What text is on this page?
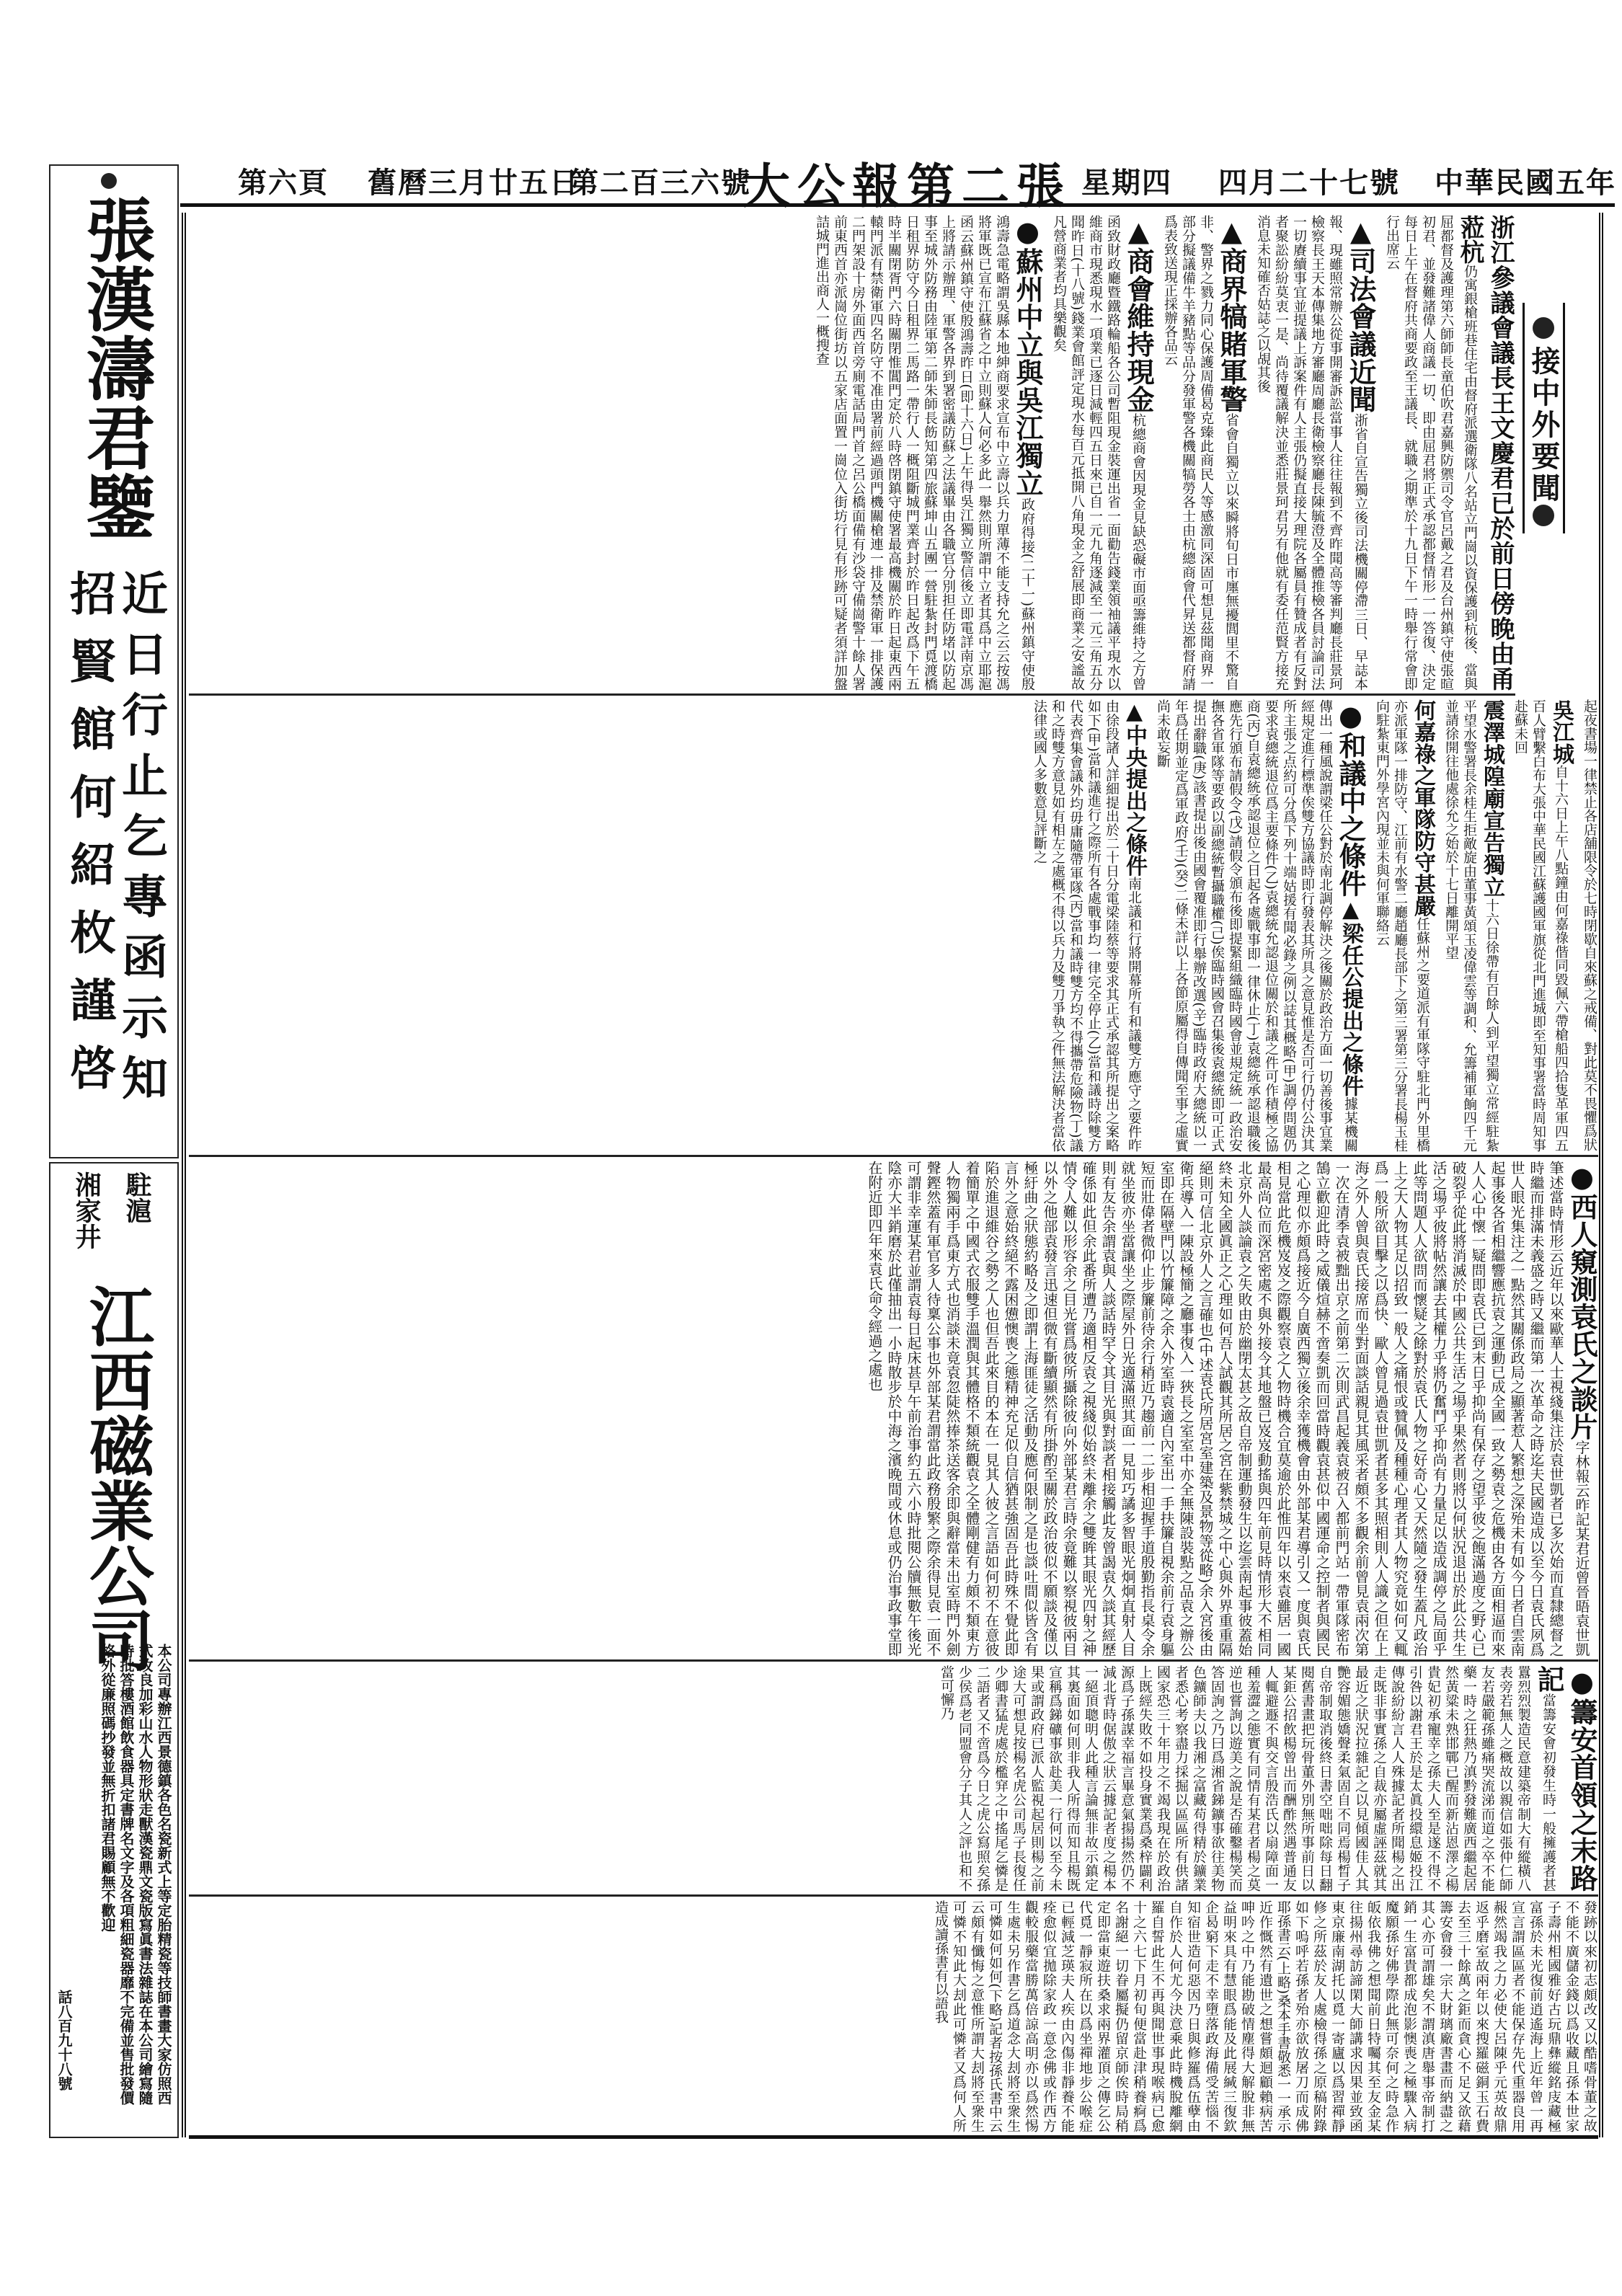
中華民國五年
四月二十七號
星期四
大公報第二張
第二百三六號
舊曆三月廿五日
第六頁
張漢濤君鑒
近日行止乞專函示知
招賢館何紹枚謹啓
駐滬
湘家井
江西磁業公司
本公司專辦江西景德鎮各色名瓷新式上等定胎精瓷等技師書畫大家仿照西式改良加彩山水人物形狀走獸漢瓷鼎文瓷版寫眞書法雜誌在本公司繪寫隨時批答樓酒館飲食器具定書牌名文字及各項粗細瓷器靡不完備並售批發價格外從廉照碼抄發並無折扣諸君賜顧無不歡迎
話八百九十八號
接中外要聞
浙江參議會議長王文慶君已於前日傍晚由甬蒞杭仍寓銀槍班巷住宅由督府派選衛隊八名站立門崗以資保護到杭後、當與屈都督及護理第六師師長童伯吹君嘉興防禦司令官呂戴之君及台州鎮守使張暄初君、並發難諸偉人商議一切、即由屈君將正式承認都督情形一一答復、決定每日上午在督府共商要政至王議長、就職之期準於十九日下午一時舉行常會即行出席云
▲司法會議近聞浙省自宣告獨立後司法機關停滯三日、早誌本報、現雖照常辦公從事開審訴訟當事人往往報到不齊昨聞高等審判廳長莊景珂檢察長王天本傳集地方審廳周廳長衛檢察廳長陳毓澄及全體推檢各員討論司法一切賡續事宜並提議上訴案件有人主張仍擬直接大理院各屬員有贊成者有反對者聚訟紛紛莫衷一是、尚待覆議解決並悉莊景珂君另有他就有委任范賢方接充消息未知確否姑誌之以覘其後
▲商界犒賭軍警省會自獨立以來瞬將旬日市廛無擾閭里不驚自非、警界之戮力同心保護周備曷克臻此商民人等感激同深固可想見茲聞商界一部分擬議備牛羊豬點等品分發軍警各機關犒勞各士由杭總商會代昇送都督府請爲表致送現正採辦各品云
▲商會維持現金杭總商會因現金見缺恐礙市面亟籌維持之方曾函致財政廳暨鐵路輪船各公司暫阻現金裝運出省一面勸告錢業領袖議平現水以維商市現悉現水一項業已逐日減輕四五日來已自一元九角逐減至一元三角五分聞昨日(十八號)錢業會館評定現水每百元抵開八角現金之舒展即商業之安謐故凡營商業者均具樂觀矣
●蘇州中立與吳江獨立政府得接(二十一)蘇州鎮守使殷鴻壽急電略謂吳縣本地紳商要求宣布中立壽以兵力單薄不能支持允之云云按馮將軍既已宣布江蘇省之中立則蘇人何必多此一舉然則所謂中立者其爲中立耶滬函云蘇州鎮守使殷鴻壽昨日(即十六日)上午得吳江獨立警信後立即電詳南京馮上將請示辦理、軍警各界到署密議防蘇之法議畢由各職官分別担任防堵以防起事至城外防務由陸軍第二師朱師長飭知第四旅蘇坤山五團一營駐紮封門覓渡橋日租界防守今日租界二馬路一帶行人一概阻斷城門業齊封於昨日起改爲下午五時半關閉胥門六時關閉惟閶門定於八時啓閉鎮守使署最高機關於昨日起東西兩轅門派有禁衛軍四名防守不准由署前經過頭門機關槍連一排及禁衛軍一排保護二門架設十房外面西首旁廁電話局門首之呂公橋面備有沙袋守備崗警十餘人署前東西首亦派崗位街坊以五家店面置一崗位入街坊行見有形跡可疑者須詳加盤詰城門進出商人一概搜查
起夜書場一律禁止各店舖限令於七時閉歇自來蘇之戒備、對此莫不畏懼爲狀
吳江城自十六日上午八點鐘由何嘉祿偕同毀佩六帶槍船四拾隻革軍四五百人臂繫白布大張中華民國江蘇護國軍旗從北門進城即至知事署當時周知事赴蘇未回
震澤城隍廟宣告獨立十六日徐帶有百餘人到平望獨立常經駐紮平望水警署長余桂生拒敵旋由董事黃頌玉凌偉雲等調和、允籌補軍餉四千元並請徐開往他處徐允之始於十七日離開平望
何嘉祿之軍隊防守甚嚴任蘇州之要道派有軍隊守駐北門外里橋亦派軍隊一排防守、江前有水警二廳趙廳長部下之第三署第三分署長楊玉桂向駐紮東門外學宮內現並未與何軍聯絡云
●和議中之條件▲梁任公提出之條件據某機關傳出一種風說謂梁任公對於南北調停解決之後關於政治方面一切善後事宜業經規定進行標準俟雙方協議時即行發表其所具之意見惟是否可行仍付公決其所主張之点約可分爲下列十端姑援有聞必錄之例以誌其概略(甲)調停問題仍要求袁總統退位爲主要條件(乙)袁總統允認退位關於和議之件可作積極之協商(丙)自袁總統承認退位之日起各處戰事即一律休止(丁)袁總統承認退職後應先行頒布請假令(戊)請假令頒布後即提緊組織臨時國會並規定統一政治安撫各省軍隊等要政以副總統暫攝職權(己)俟臨時國會召集後袁總統即可正式提出辭職(庚)該書提出後由國會覆准即行舉辦改選(辛)臨時政府大總統以一年爲任期並定爲軍政府(壬)(癸)二條未詳以上各節原屬得自傳聞至事之虛實尚未敢妄斷
▲中央提出之條件南北議和行將開幕所有和議雙方應守之要件昨由徐段諸人詳細提出於二十日分電梁陸蔡等要求其正式承認其所提出之案略如下(甲)當和議進行之際所有各處戰事均一律完全停止(乙)當和議時除雙方代表齊集會議外均毋庸隨帶軍隊(丙)當和議時雙方均不得攜帶危險物(丁)議和之時雙方意見如有相左之處概不得以兵力及雙刀爭執之件無法解決者當依法律或國人多數意見評斷之
●西人窺測袁氏之談片字林報云昨記某君近曾晉晤袁世凱筆述當時情形云近年以來歐華人士視綫集注於袁世凱者已多次始而直隸總督之時繼而排滿未義盛之時又繼而第一次革命之時迄夫民國造成以至今日袁氏夙爲世人眼光集注之一點然其關係政局之顯著惹人繁想之深殆未有如今日者自雲南起事後各省相繼響應抗袁之運動已成全國一致之勢袁之危機由各方面相逼而來人人心中懷一疑問即袁氏已到末日乎抑尚有保存之望乎彼之飽滿過度之野心已破裂乎從此將消滅於中國公共生活之場乎果然者則將以何狀況退出於此公共生活之場乎彼將帖然讓去其權力乎將仍奮鬥乎抑尚有力量足以造成調停之局面乎此等問題人人欲問而懷疑之餘對於袁氏人物之好奇心又天然隨之發生蓋凡政治上之大人物其足以招致一般人之痛恨或贊佩及種種心理者其人物究竟如何又輒爲一般所欲目擊之以爲快、歐人曾見過袁世凱者甚多其照相則人人識之但在上海之外人曾與袁氏接席而坐對面談話親見其風采者頗不多觀余前曾見袁兩次第一次在清季袁被黜出京之前第二次則武昌起義袁被召入都前門站一帶軍隊密布鵠立歡迎此時之威儀煊赫不啻奏凱而回當時觀袁甚似中國運命之控制者與國民之心理似亦頗爲接近今自廣西獨立後余幸獲機會由外部某君導引又一度與袁氏相見當此危機岌岌之際觀察袁之人物時機合宜莫逾於此惟四年以來袁雖居一國最高尚位而深宮密處不與外接今其地盤已岌岌動搖與四年前見時情形大不相同北京外人談論袁之失敗由於幽閉太甚之故自帝制運動發生以迄雲南起事彼蓋始終未知全國眞正之心理如何吾人試觀其所居之宮在紫禁城之中心與外界重重隔絕則可信北京外人之言確也(中述袁氏所居宮室建築及景物等從略)余入宮後由衛兵導入一陳設極簡之廳事復入一狹長之室室中亦全無陳設裝點之品袁之辦公室即在隔壁門以竹簾障之余入外室時袁適自內室出一手扶簾自視余前行袁身軀短而壯偉者微仰止步簾前待余行稍近乃趨前一二步相迎握手道殷勤指長桌令余就坐彼亦坐當讓坐之際屋外日光適滿照其面一見知巧譎多智眼光炯炯直射人目則有友告余謂袁與人談話時罕令其目光與對談者相接觸此友曾謁袁久談其經歷確係如此但余此番所遭乃適相反袁之視綫似始終未離余之雙眸其眼光四射之神情令人難以形容余之目光嘗爲彼所攝除彼向外部某君言時余竟難以察視彼兩目以外之他部袁發言迅速但微有斷續顯然有所掛酌至關於政治彼似不願談及僅以極紆曲之狀態約略及之即謂上海匪徒之活動及應何限制之是也談吐間似皆含有言外之意始終絕不露困憊懊喪之態精神充足似自信猶甚強固吾此時殊不覺此即陷於進退維谷之勢之人也但吾此來目的本在一見其人彼之言語如何初不在意彼着簡單之中國式衣服雙手溫潤與其體格不類統觀袁之全體剛健有力頗不類東方人物獨兩手爲東方式也消談未竟袁忽陡然捧茶送客余即與辭當未出室時門外劍聲鏗然蓋有軍官多人待稟公事也外部某君謂當此政務殷繁之際余得見袁一面不可謂非幸運某君並謂袁每日起床甚早午前治事約五六小時批閱公牘無數午後光陰亦大半銷磨於此僅抽出一小時散步於中海之濱晚間或休息或仍治事政事堂即在附近即四年來袁氏命令經過之處也
●籌安首領之末路記當籌安會初發生時一般擁護者甚囂烈烈製造民意建築帝制大有縱橫八表旁若無人之概故以親信如張仲仁師友若嚴範孫雖痛哭流涕而道之卒不能藥一時之狂熱乃滇黔發難廣西繼起居然黃粱未熟邯鄲已醒而新沾恩澤之楊貴妃初承寵幸之孫夫人至是遂不得不引咎以謝君王於是太眞投繯息姬投江傳說紛紛言人人殊據記者所聞楊之出走既非事實孫之自裁亦屬虛誣茲就其最近之狀況拉雜記之以見傾國佳人其艷容媚態嬌聲柔氣固自不同焉楊晳子自帝制取消後終日書空咄咄除每日翻閱舊書畫把玩骨董外別無所事前日以某鉅公招飲楊曾出而酬酢然遇普通友人輒避遯不與交言殷浩氏以扇障面一種羞澀之態實有同情有某君者楊之莫逆也嘗詢以遊美之說是否確鑿楊笑而答固詢之乃曰爲湘省銻鑛事欲往美物色鑛師夫以我湘之富藏苟得精於鑛業者悉心考察盡力採掘以區區所有供諸國家恐三十年用之不竭我現在於政治上既經失敗不如投身實業爲桑梓闢利源爲子孫謀幸福言畢意氣揚揚然仍不減北背時倨傲之狀云據記者度之楊本一絕頂聰明人此種言論無非故示鎮定其裏面如何則非我人所得而知且楊既宣稱爲銻礦事欲赴美一行何以至今未果或謂政府已派人監視起居則楊之前途大可想見按楊名虎公司馬子長復任少卿書猛虎處於檻穽之中搖尾乞憐是二語者又不啻爲今日之虎公寫照矣孫少侯爲老同盟會分子其人之評也和不當可懈乃
發跡以來初志頗改又以酷嗜骨董之故不能不廣儲金錢以爲收藏且孫本世家子壽州相國雅好古玩鼎彝縱銘庋藏極富孫於未光復前逍遙海上近年曾一再宣言謂區區者不能保存先代重器良用赧然竭我之力必使大呂陳乎元英故鼎返乎磨室故兩年以來搜羅磁銅玉石費去至三十餘萬之鉅而貪心不足又欲藉籌安會發一宗大財璃廠書畫而納盡之其心亦可謂雄矣不謂滇唐舉事帝制打銷一生富貴都成泡影懊喪之極驟入病魔願孫好佛學際此無可奈何之時急作皈依我佛之想聞前日特囑其至友金某往揚州尋訪諦閑大師講求因果並致函東京廉南湖托以覓一寄廬以爲習禪靜修之所茲於友人處檢得孫之原稿附錄如下嗚呼若孫者殆亦欲放屠刀而成佛耶孫書云(上略)桑本手書敬悉一一承示近作慨然有遺世之想嘗頗迴顧賴病苦呻吟之中乃能勘破情塵得大解脫非無益明來具有慧眼爲能及此展緘三復欽企曷窮下走不幸墮落政海備受苦惱不知宿世造何惡因乃日與修羅爲伍孽由自作於人何尤今決意乘此時機脫離網羅自誓此生不再與聞世事現喉病已愈十之六七下月初旬便當赴津稍養痾爲名謝絕一切眷屬擬仍留京師俟時局稍定即當東遊扶桑求兩界灌頂之傳乞公代覓一靜寂所在以爲坐禪地步公喉症已輕減芝瑛夫人疾由內傷非靜養不能痊愈似宜拋除家政一意念佛或作西方觀較服藥當勝萬倍諒高明亦以爲然惕生處未另作書乞爲道念大刦將至衆生可憐如何如何(下略)記者按孫氏書中云云頗有懺悔之意惟所謂大刦將至衆生可憐不知此大刦此可憐者又爲何人所造成讀孫書有以語我
